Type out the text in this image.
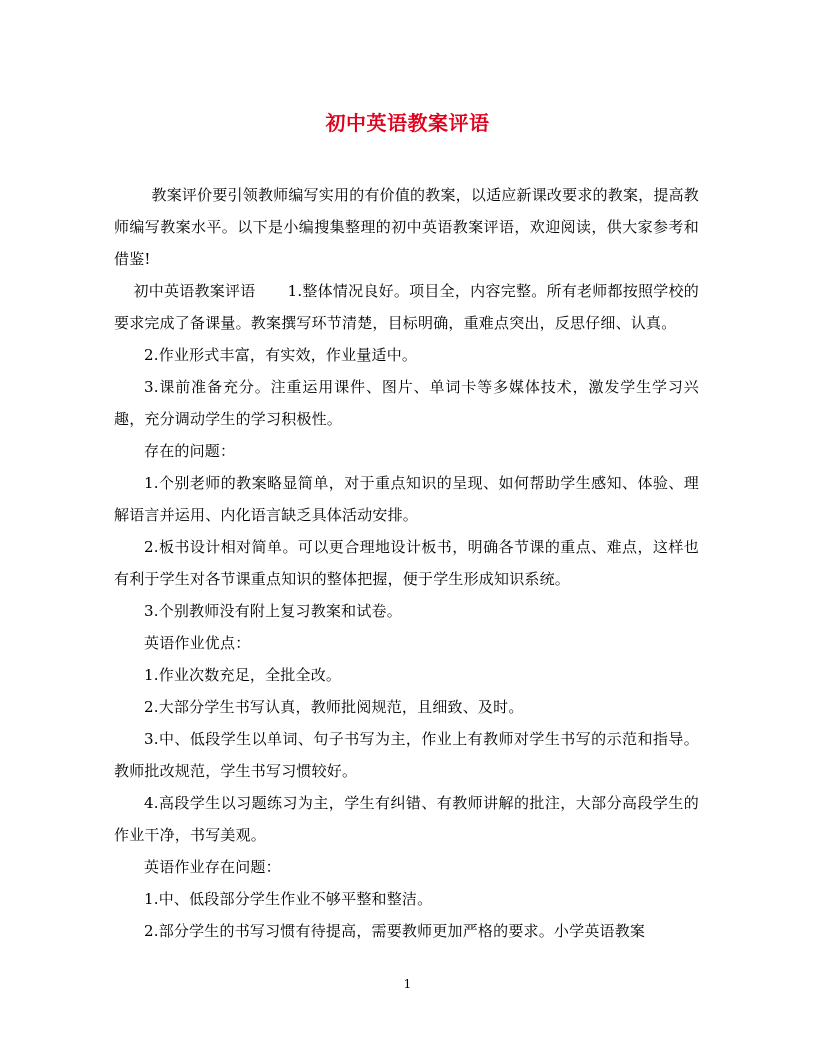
初中英语教案评语

教案评价要引领教师编写实用的有价值的教案，以适应新课改要求的教案，提高教师编写教案水平。以下是小编搜集整理的初中英语教案评语，欢迎阅读，供大家参考和借鉴!

初中英语教案评语 1.整体情况良好。项目全，内容完整。所有老师都按照学校的要求完成了备课量。教案撰写环节清楚，目标明确，重难点突出，反思仔细、认真。

2.作业形式丰富，有实效，作业量适中。

3.课前准备充分。注重运用课件、图片、单词卡等多媒体技术，激发学生学习兴趣，充分调动学生的学习积极性。

存在的问题：

1.个别老师的教案略显简单，对于重点知识的呈现、如何帮助学生感知、体验、理解语言并运用、内化语言缺乏具体活动安排。

2.板书设计相对简单。可以更合理地设计板书，明确各节课的重点、难点，这样也有利于学生对各节课重点知识的整体把握，便于学生形成知识系统。

3.个别教师没有附上复习教案和试卷。

英语作业优点：

1.作业次数充足，全批全改。

2.大部分学生书写认真，教师批阅规范，且细致、及时。

3.中、低段学生以单词、句子书写为主，作业上有教师对学生书写的示范和指导。教师批改规范，学生书写习惯较好。

4.高段学生以习题练习为主，学生有纠错、有教师讲解的批注，大部分高段学生的作业干净，书写美观。

英语作业存在问题：

1.中、低段部分学生作业不够平整和整洁。

2.部分学生的书写习惯有待提高，需要教师更加严格的要求。小学英语教案

1
